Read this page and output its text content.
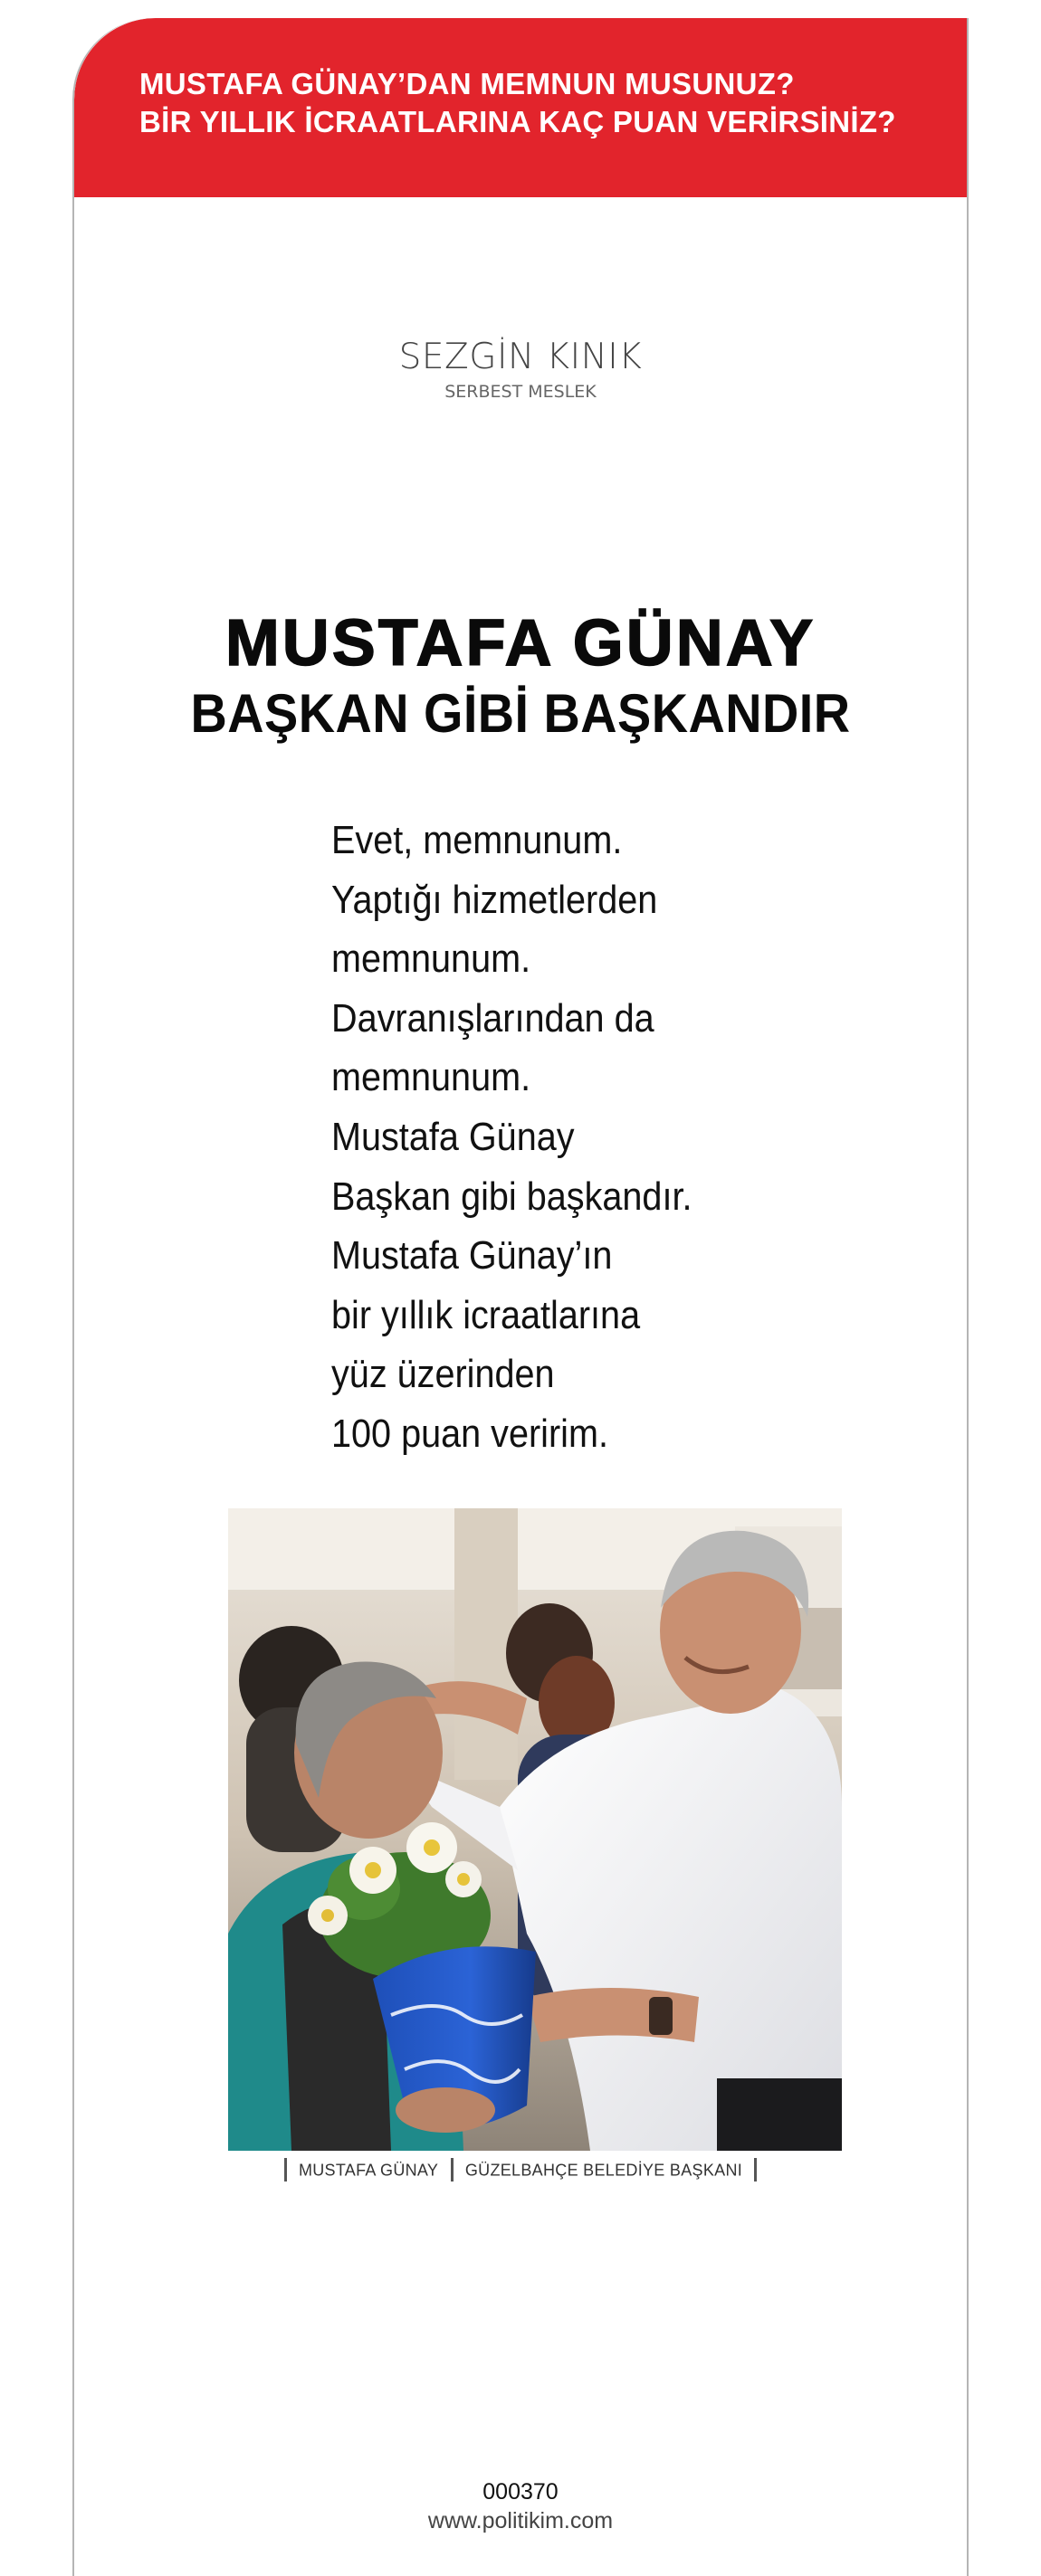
MUSTAFA GÜNAY’DAN MEMNUN MUSUNUZ?
BİR YILLIK İCRAATLARINA KAÇ PUAN VERİRSİNİZ?
SEZGİN KINIK
SERBEST MESLEK
MUSTAFA GÜNAY
BAŞKAN GİBİ BAŞKANDIR
Evet, memnunum.
Yaptığı hizmetlerden
memnunum.
Davranışlarından da
memnunum.
Mustafa Günay
Başkan gibi başkandır.
Mustafa Günay’ın
bir yıllık icraatlarına
yüz üzerinden
100 puan veririm.
MUSTAFA GÜNAY GÜZELBAHÇE BELEDİYE BAŞKANI
000370
www.politikim.com
